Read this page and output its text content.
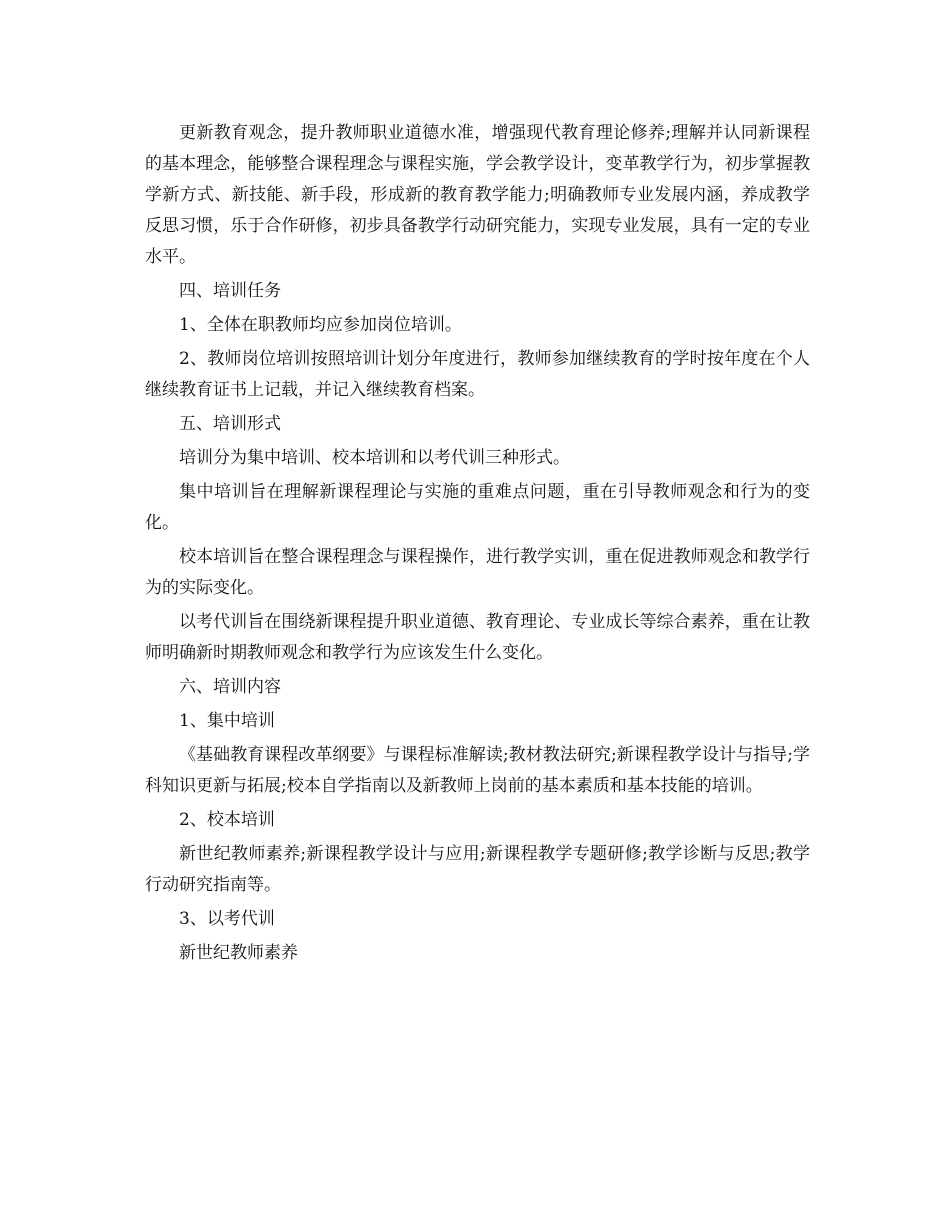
更新教育观念，提升教师职业道德水准，增强现代教育理论修养;理解并认同新课程的基本理念，能够整合课程理念与课程实施，学会教学设计，变革教学行为，初步掌握教学新方式、新技能、新手段，形成新的教育教学能力;明确教师专业发展内涵，养成教学反思习惯，乐于合作研修，初步具备教学行动研究能力，实现专业发展，具有一定的专业水平。

四、培训任务

1、全体在职教师均应参加岗位培训。

2、教师岗位培训按照培训计划分年度进行，教师参加继续教育的学时按年度在个人继续教育证书上记载，并记入继续教育档案。

五、培训形式

培训分为集中培训、校本培训和以考代训三种形式。

集中培训旨在理解新课程理论与实施的重难点问题，重在引导教师观念和行为的变化。

校本培训旨在整合课程理念与课程操作，进行教学实训，重在促进教师观念和教学行为的实际变化。

以考代训旨在围绕新课程提升职业道德、教育理论、专业成长等综合素养，重在让教师明确新时期教师观念和教学行为应该发生什么变化。

六、培训内容

1、集中培训

《基础教育课程改革纲要》与课程标准解读;教材教法研究;新课程教学设计与指导;学科知识更新与拓展;校本自学指南以及新教师上岗前的基本素质和基本技能的培训。

2、校本培训

新世纪教师素养;新课程教学设计与应用;新课程教学专题研修;教学诊断与反思;教学行动研究指南等。

3、以考代训

新世纪教师素养
